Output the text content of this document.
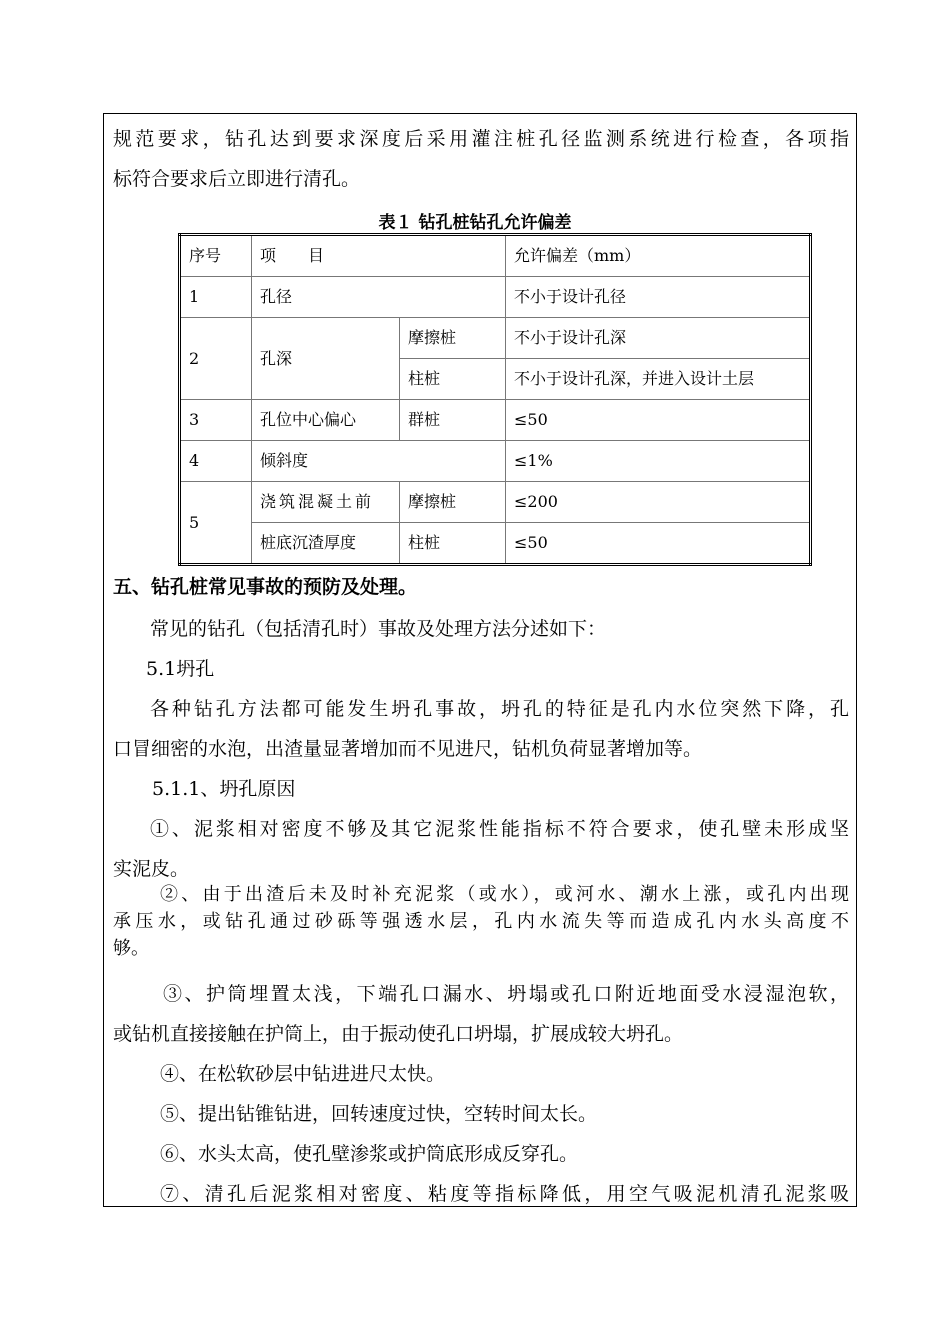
规范要求，钻孔达到要求深度后采用灌注桩孔径监测系统进行检查，各项指
标符合要求后立即进行清孔。
表１ 钻孔桩钻孔允许偏差
序号	项　　目		允许偏差（mm）
1	孔径		不小于设计孔径
2	孔深	摩擦桩	不小于设计孔深
		柱桩	不小于设计孔深，并进入设计土层
3	孔位中心偏心	群桩	≤50
4	倾斜度		≤1%
5	浇筑混凝土前	摩擦桩	≤200
	桩底沉渣厚度	柱桩	≤50
五、钻孔桩常见事故的预防及处理。
常见的钻孔（包括清孔时）事故及处理方法分述如下：
5.1坍孔
各种钻孔方法都可能发生坍孔事故，坍孔的特征是孔内水位突然下降，孔
口冒细密的水泡，出渣量显著增加而不见进尺，钻机负荷显著增加等。
5.1.1、坍孔原因
①、泥浆相对密度不够及其它泥浆性能指标不符合要求，使孔壁未形成坚
实泥皮。
②、由于出渣后未及时补充泥浆（或水），或河水、潮水上涨，或孔内出现
承压水，或钻孔通过砂砾等强透水层，孔内水流失等而造成孔内水头高度不
够。
③、护筒埋置太浅，下端孔口漏水、坍塌或孔口附近地面受水浸湿泡软，
或钻机直接接触在护筒上，由于振动使孔口坍塌，扩展成较大坍孔。
④、在松软砂层中钻进进尺太快。
⑤、提出钻锥钻进，回转速度过快，空转时间太长。
⑥、水头太高，使孔壁渗浆或护筒底形成反穿孔。
⑦、清孔后泥浆相对密度、粘度等指标降低，用空气吸泥机清孔泥浆吸
